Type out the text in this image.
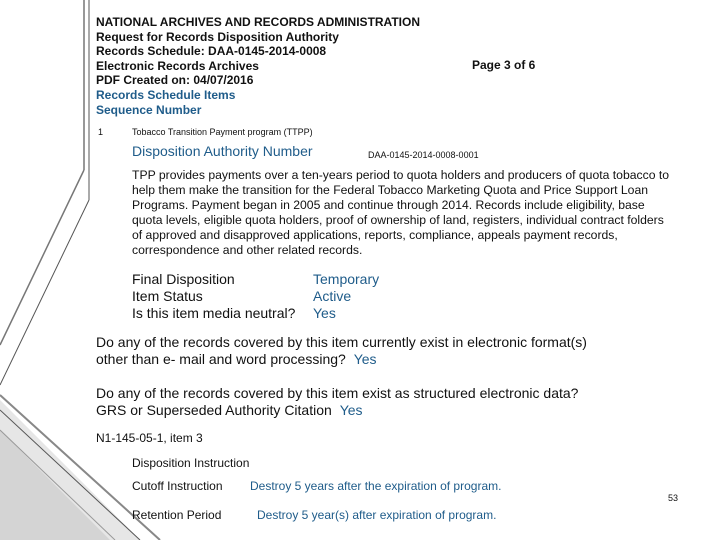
NATIONAL ARCHIVES AND RECORDS ADMINISTRATION
Request for Records Disposition Authority
Records Schedule: DAA-0145-2014-0008
Electronic Records Archives
PDF Created on: 04/07/2016
Records Schedule Items
Sequence Number
Page 3 of 6
1	Tobacco Transition Payment program (TTPP)
Disposition Authority Number	DAA-0145-2014-0008-0001
TPP provides payments over a ten-years period to quota holders and producers of quota tobacco to help them make the transition for the Federal Tobacco Marketing Quota and Price Support Loan Programs. Payment began in 2005 and continue through 2014. Records include eligibility, base quota levels, eligible quota holders, proof of ownership of land, registers, individual contract folders of approved and disapproved applications, reports, compliance, appeals payment records, correspondence and other related records.
Final Disposition	Temporary
Item Status	Active
Is this item media neutral? Yes
Do any of the records covered by this item currently exist in electronic format(s)
other than e- mail and word processing? Yes
Do any of the records covered by this item exist as structured electronic data?
GRS or Superseded Authority Citation Yes
N1-145-05-1, item 3
Disposition Instruction
Cutoff Instruction Destroy 5 years after the expiration of program.
Retention Period	Destroy 5 year(s) after expiration of program.
53
